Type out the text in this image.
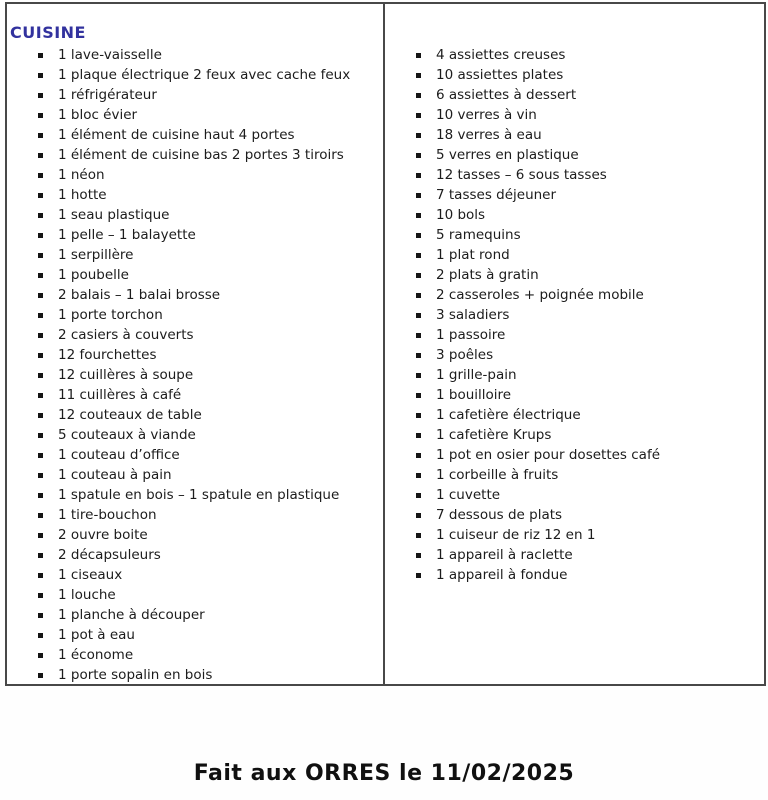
CUISINE
1 lave-vaisselle
1 plaque électrique 2 feux avec cache feux
1 réfrigérateur
1 bloc évier
1 élément de cuisine haut 4 portes
1 élément de cuisine bas 2 portes 3 tiroirs
1 néon
1 hotte
1 seau plastique
1 pelle – 1 balayette
1 serpillère
1 poubelle
2 balais – 1 balai brosse
1 porte torchon
2 casiers à couverts
12 fourchettes
12 cuillères à soupe
11 cuillères à café
12 couteaux de table
5 couteaux à viande
1 couteau d’office
1 couteau à pain
1 spatule en bois – 1 spatule en plastique
1 tire-bouchon
2 ouvre boite
2 décapsuleurs
1 ciseaux
1 louche
1 planche à découper
1 pot à eau
1 économe
1 porte sopalin en bois
4 assiettes creuses
10 assiettes plates
6 assiettes à dessert
10 verres à vin
18 verres à eau
5 verres en plastique
12 tasses – 6 sous tasses
7 tasses déjeuner
10 bols
5 ramequins
1 plat rond
2 plats à gratin
2 casseroles + poignée mobile
3 saladiers
1 passoire
3 poêles
1 grille-pain
1 bouilloire
1 cafetière électrique
1 cafetière Krups
1 pot en osier pour dosettes café
1 corbeille à fruits
1 cuvette
7 dessous de plats
1 cuiseur de riz 12 en 1
1 appareil à raclette
1 appareil à fondue
Fait aux ORRES le 11/02/2025
